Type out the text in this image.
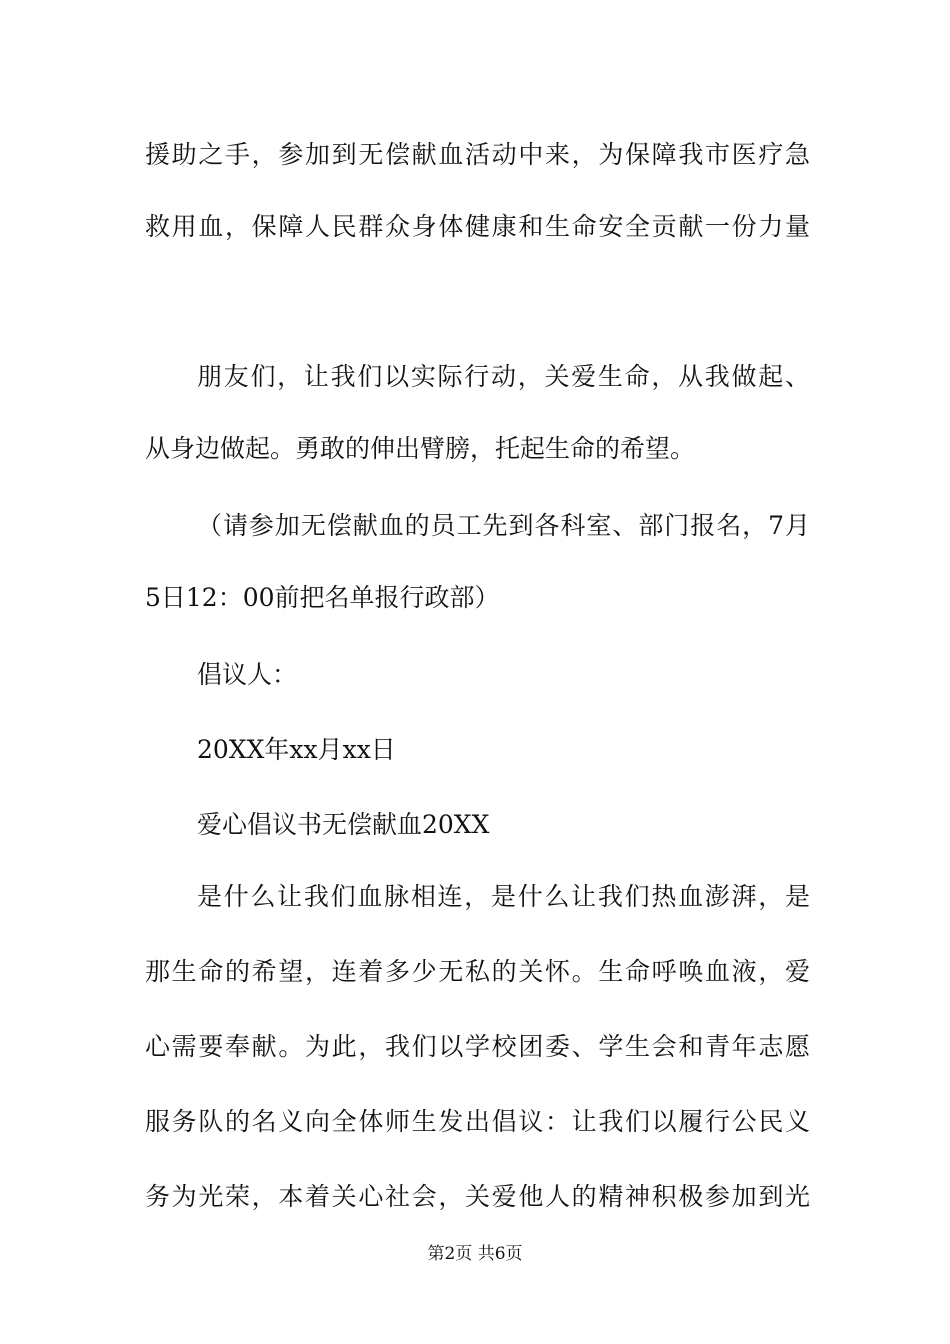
援助之手，参加到无偿献血活动中来，为保障我市医疗急
救用血，保障人民群众身体健康和生命安全贡献一份力量
朋友们，让我们以实际行动，关爱生命，从我做起、
从身边做起。勇敢的伸出臂膀，托起生命的希望。
（请参加无偿献血的员工先到各科室、部门报名，7月
5日12：00前把名单报行政部）
倡议人：
20XX年xx月xx日
爱心倡议书无偿献血20XX
是什么让我们血脉相连，是什么让我们热血澎湃，是
那生命的希望，连着多少无私的关怀。生命呼唤血液，爱
心需要奉献。为此，我们以学校团委、学生会和青年志愿
服务队的名义向全体师生发出倡议：让我们以履行公民义
务为光荣，本着关心社会，关爱他人的精神积极参加到光
第2页 共6页
